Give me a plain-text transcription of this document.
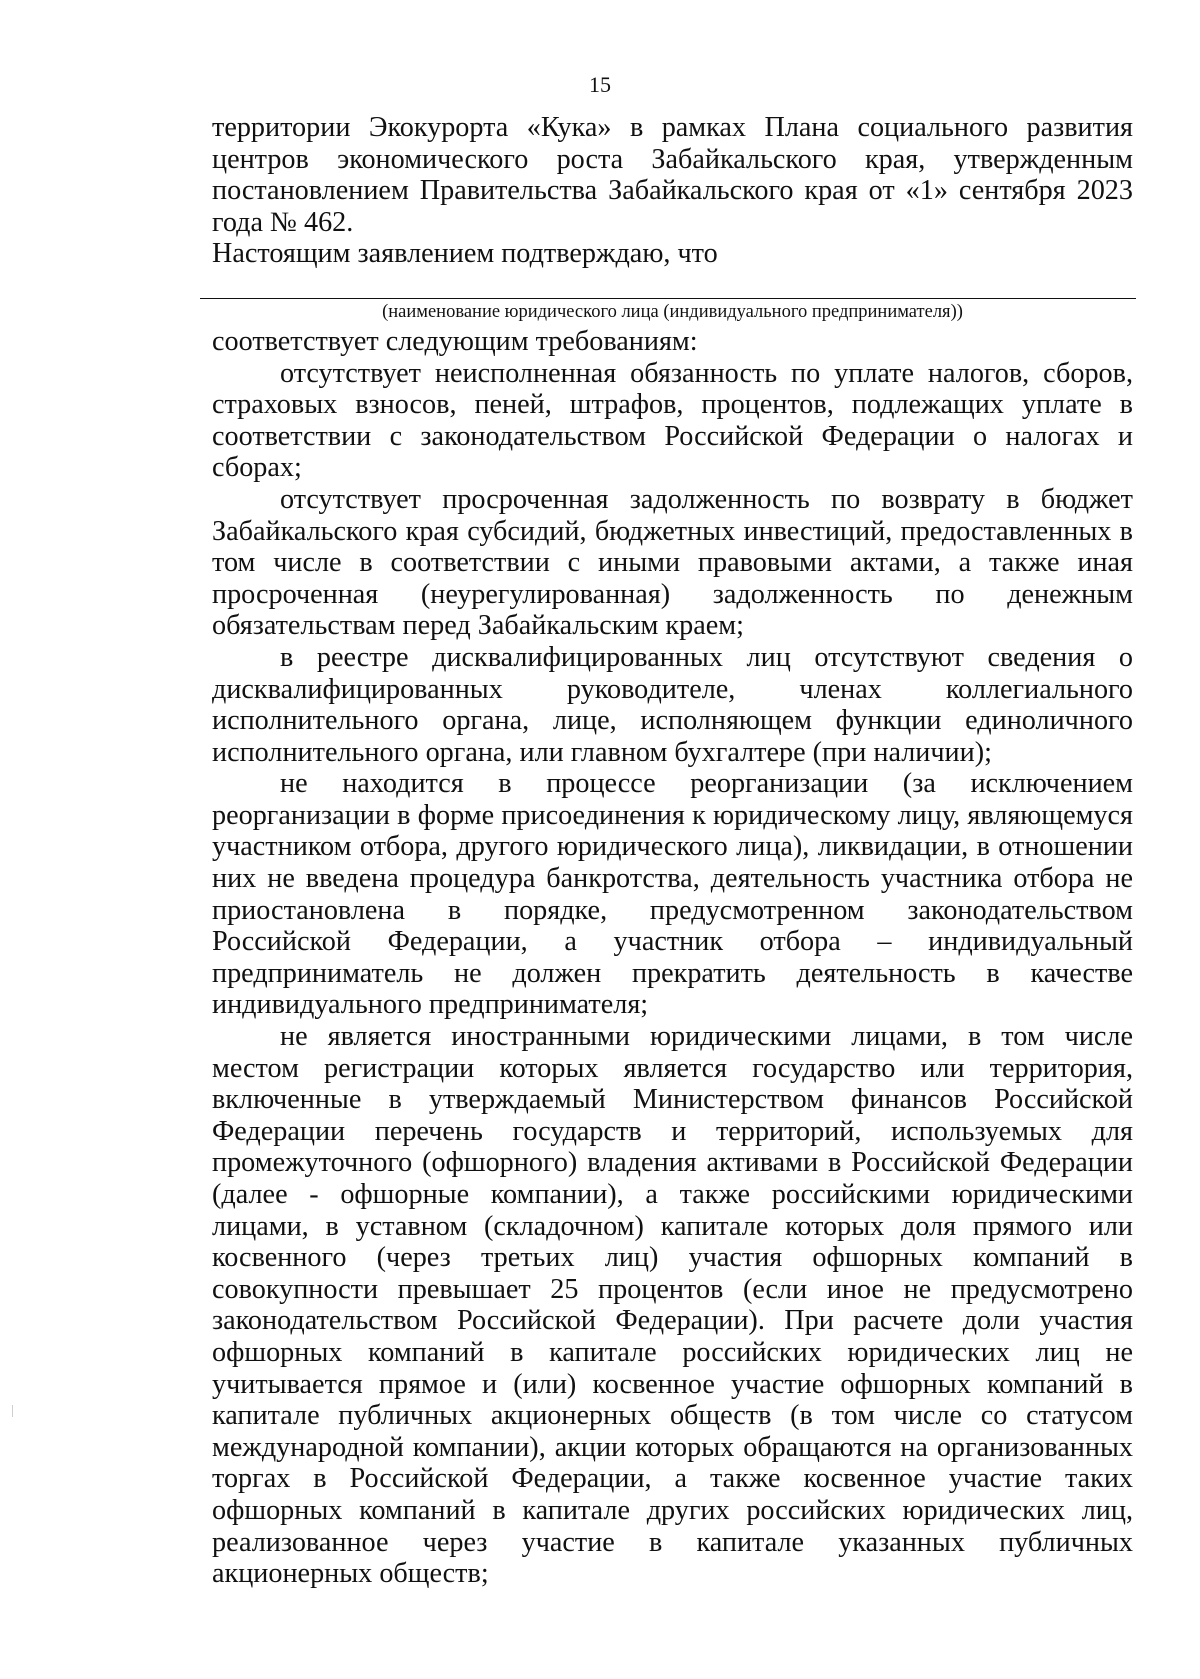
15

территории Экокурорта «Кука» в рамках Плана социального развития центров экономического роста Забайкальского края, утвержденным постановлением Правительства Забайкальского края от «1» сентября 2023 года № 462.

Настоящим заявлением подтверждаю, что

(наименование юридического лица (индивидуального предпринимателя))

соответствует следующим требованиям:

отсутствует неисполненная обязанность по уплате налогов, сборов, страховых взносов, пеней, штрафов, процентов, подлежащих уплате в соответствии с законодательством Российской Федерации о налогах и сборах;

отсутствует просроченная задолженность по возврату в бюджет Забайкальского края субсидий, бюджетных инвестиций, предоставленных в том числе в соответствии с иными правовыми актами, а также иная просроченная (неурегулированная) задолженность по денежным обязательствам перед Забайкальским краем;

в реестре дисквалифицированных лиц отсутствуют сведения о дисквалифицированных руководителе, членах коллегиального исполнительного органа, лице, исполняющем функции единоличного исполнительного органа, или главном бухгалтере (при наличии);

не находится в процессе реорганизации (за исключением реорганизации в форме присоединения к юридическому лицу, являющемуся участником отбора, другого юридического лица), ликвидации, в отношении них не введена процедура банкротства, деятельность участника отбора не приостановлена в порядке, предусмотренном законодательством Российской Федерации, а участник отбора – индивидуальный предприниматель не должен прекратить деятельность в качестве индивидуального предпринимателя;

не является иностранными юридическими лицами, в том числе местом регистрации которых является государство или территория, включенные в утверждаемый Министерством финансов Российской Федерации перечень государств и территорий, используемых для промежуточного (офшорного) владения активами в Российской Федерации (далее - офшорные компании), а также российскими юридическими лицами, в уставном (складочном) капитале которых доля прямого или косвенного (через третьих лиц) участия офшорных компаний в совокупности превышает 25 процентов (если иное не предусмотрено законодательством Российской Федерации). При расчете доли участия офшорных компаний в капитале российских юридических лиц не учитывается прямое и (или) косвенное участие офшорных компаний в капитале публичных акционерных обществ (в том числе со статусом международной компании), акции которых обращаются на организованных торгах в Российской Федерации, а также косвенное участие таких офшорных компаний в капитале других российских юридических лиц, реализованное через участие в капитале указанных публичных акционерных обществ;
